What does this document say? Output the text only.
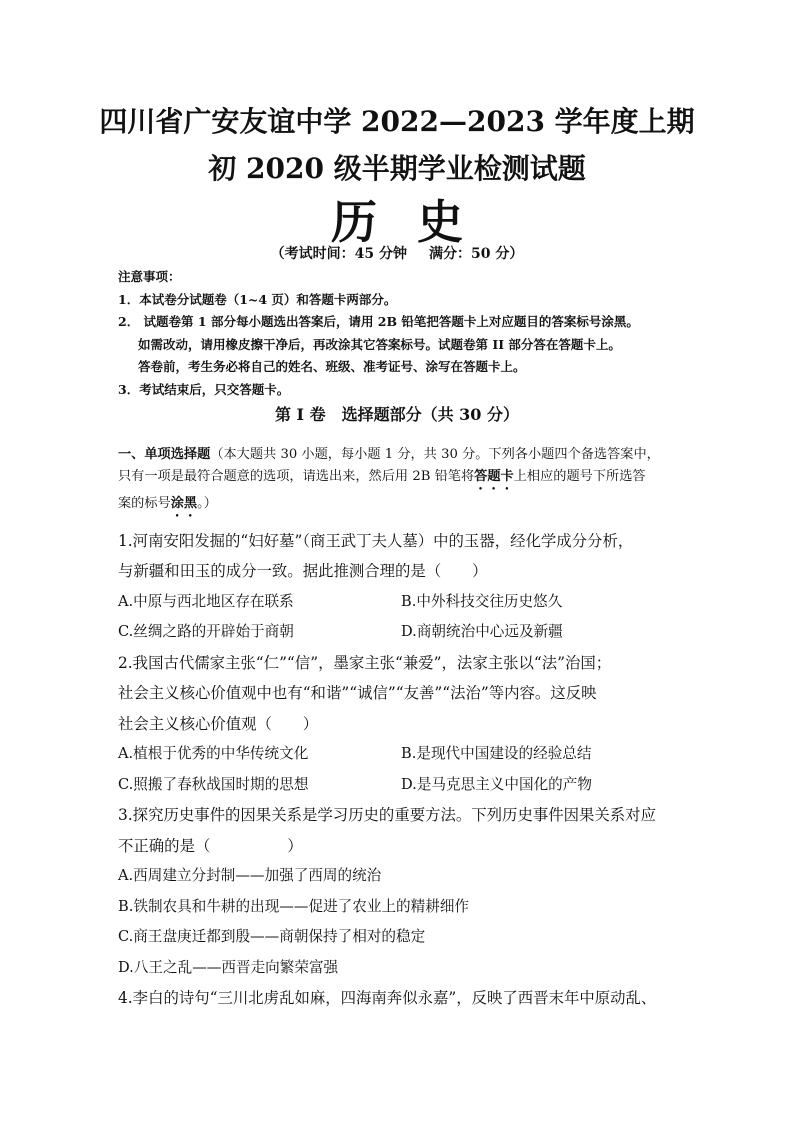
四川省广安友谊中学 2022—2023 学年度上期
初 2020 级半期学业检测试题
历史
（考试时间：45 分钟 满分：50 分）
注意事项：
1．本试卷分试题卷（1~4 页）和答题卡两部分。
2． 试题卷第 1 部分每小题选出答案后，请用 2B 铅笔把答题卡上对应题目的答案标号涂黑。
如需改动，请用橡皮擦干净后，再改涂其它答案标号。试题卷第 II 部分答在答题卡上。
答卷前，考生务必将自己的姓名、班级、准考证号、涂写在答题卡上。
3．考试结束后，只交答题卡。
第 Ⅰ 卷　选择题部分（共 30 分）
一、单项选择题（本大题共 30 小题，每小题 1 分，共 30 分。下列各小题四个备选答案中，
只有一项是最符合题意的选项，请选出来，然后用 2B 铅笔将答题卡上相应的题号下所选答
案的标号涂黑。）
1.河南安阳发掘的“妇好墓”（商王武丁夫人墓）中的玉器，经化学成分分析，
与新疆和田玉的成分一致。据此推测合理的是（　　）
A.中原与西北地区存在联系	B.中外科技交往历史悠久
C.丝绸之路的开辟始于商朝	D.商朝统治中心远及新疆
2.我国古代儒家主张“仁”“信”，墨家主张“兼爱”，法家主张以“法”治国；
社会主义核心价值观中也有“和谐”“诚信”“友善”“法治”等内容。这反映
社会主义核心价值观（　　）
A.植根于优秀的中华传统文化	B.是现代中国建设的经验总结
C.照搬了春秋战国时期的思想	D.是马克思主义中国化的产物
3.探究历史事件的因果关系是学习历史的重要方法。下列历史事件因果关系对应
不正确的是（　　　　　）
A.西周建立分封制——加强了西周的统治
B.铁制农具和牛耕的出现——促进了农业上的精耕细作
C.商王盘庚迁都到殷——商朝保持了相对的稳定
D.八王之乱——西晋走向繁荣富强
4.李白的诗句“三川北虏乱如麻，四海南奔似永嘉”，反映了西晋末年中原动乱、
